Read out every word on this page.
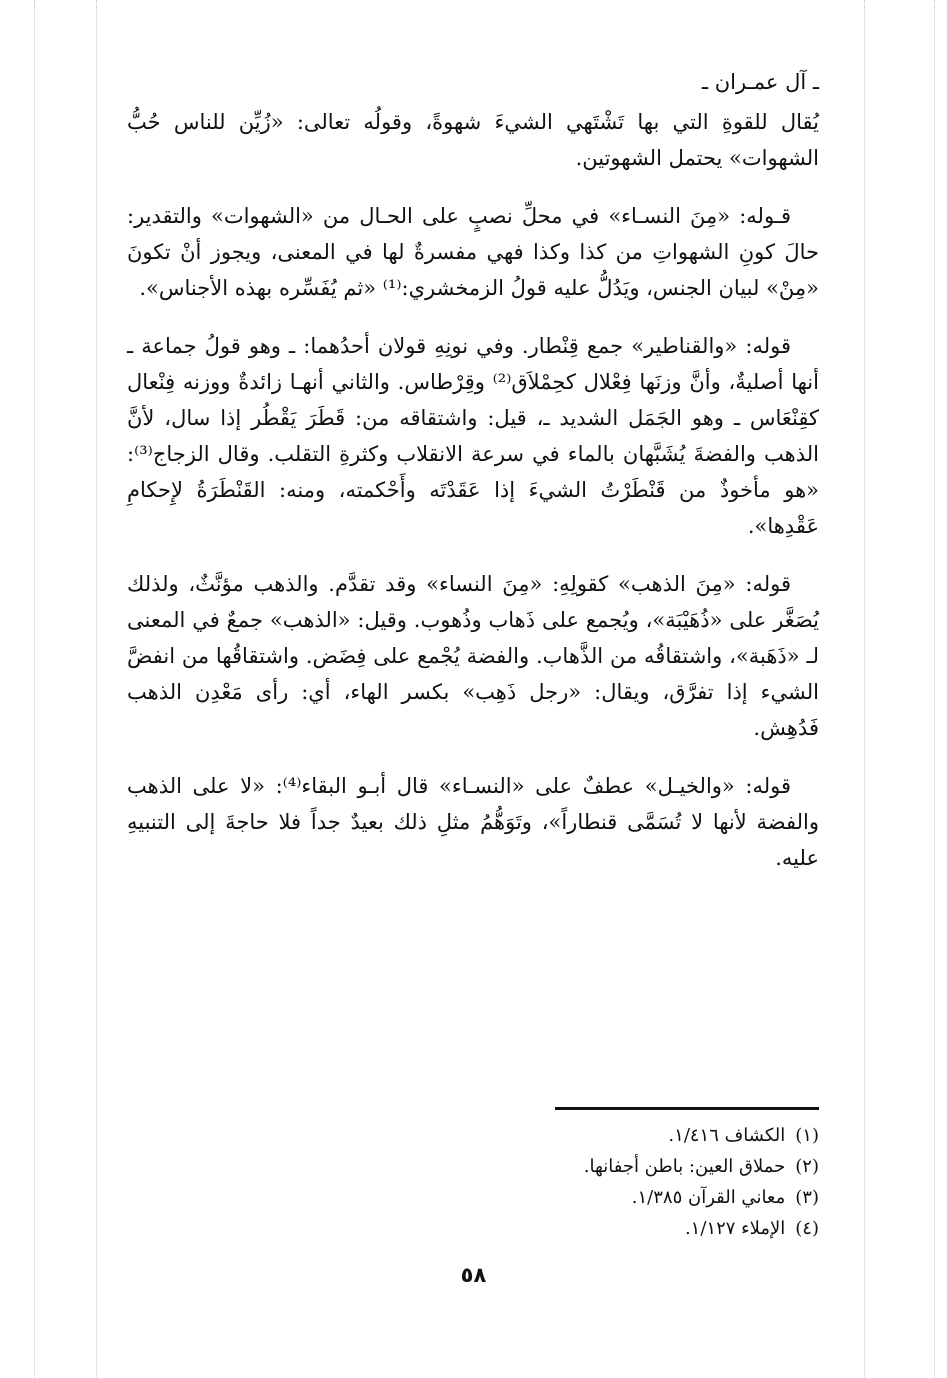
ـ آل عمـران ـ

يُقال للقوةِ التي بها تَشْتَهي الشيءَ شهوةً، وقولُه تعالى: «زُيِّن للناس حُبُّ الشهوات» يحتمل الشهوتين.

قـوله: «مِنَ النسـاء» في محلِّ نصبٍ على الحـال من «الشهوات» والتقدير: حالَ كونِ الشهواتِ من كذا وكذا فهي مفسرةٌ لها في المعنى، ويجوز أنْ تكونَ «مِنْ» لبيان الجنس، ويَدُلُّ عليه قولُ الزمخشري:⁽¹⁾ «ثم يُفَسِّره بهذه الأجناس».

قوله: «والقناطير» جمع قِنْطار. وفي نونِهِ قولان أحدُهما: ـ وهو قولُ جماعة ـ أنها أصليةٌ، وأنَّ وزنَها فِعْلال كحِمْلاَق⁽²⁾ وقِرْطاس. والثاني أنهـا زائدةٌ ووزنه فِنْعال كقِنْعَاس ـ وهو الجَمَل الشديد ـ، قيل: واشتقاقه من: قَطَرَ يَقْطُر إذا سال، لأنَّ الذهب والفضةَ يُشَبَّهان بالماء في سرعة الانقلاب وكثرةِ التقلب. وقال الزجاج⁽³⁾: «هو مأخوذٌ من قَنْطَرْتُ الشيءَ إذا عَقَدْتَه وأَحْكمته، ومنه: القَنْطَرَةُ لإِحكامِ عَقْدِها».

قوله: «مِنَ الذهب» كقولِهِ: «مِنَ النساء» وقد تقدَّم. والذهب مؤنَّثٌ، ولذلك يُصَغَّر على «ذُهَيْبَة»، ويُجمع على ذَهاب وذُهوب. وقيل: «الذهب» جمعٌ في المعنى لـ «ذَهَبة»، واشتقاقُه من الذَّهاب. والفضة يُجْمع على فِضَض. واشتقاقُها من انفضَّ الشيء إذا تفرَّق، ويقال: «رجل ذَهِب» بكسر الهاء، أي: رأى مَعْدِن الذهب فَدُهِش.

قوله: «والخيـل» عطفٌ على «النسـاء» قال أبـو البقاء⁽⁴⁾: «لا على الذهب والفضة لأنها لا تُسَمَّى قنطاراً»، وتَوَهُّمُ مثلِ ذلك بعيدٌ جداً فلا حاجةَ إلى التنبيهِ عليه.

(١)الكشاف ١/٤١٦.
(٢)حملاق العين: باطن أجفانها.
(٣)معاني القرآن ١/٣٨٥.
(٤)الإملاء ١/١٢٧.
٥٨
